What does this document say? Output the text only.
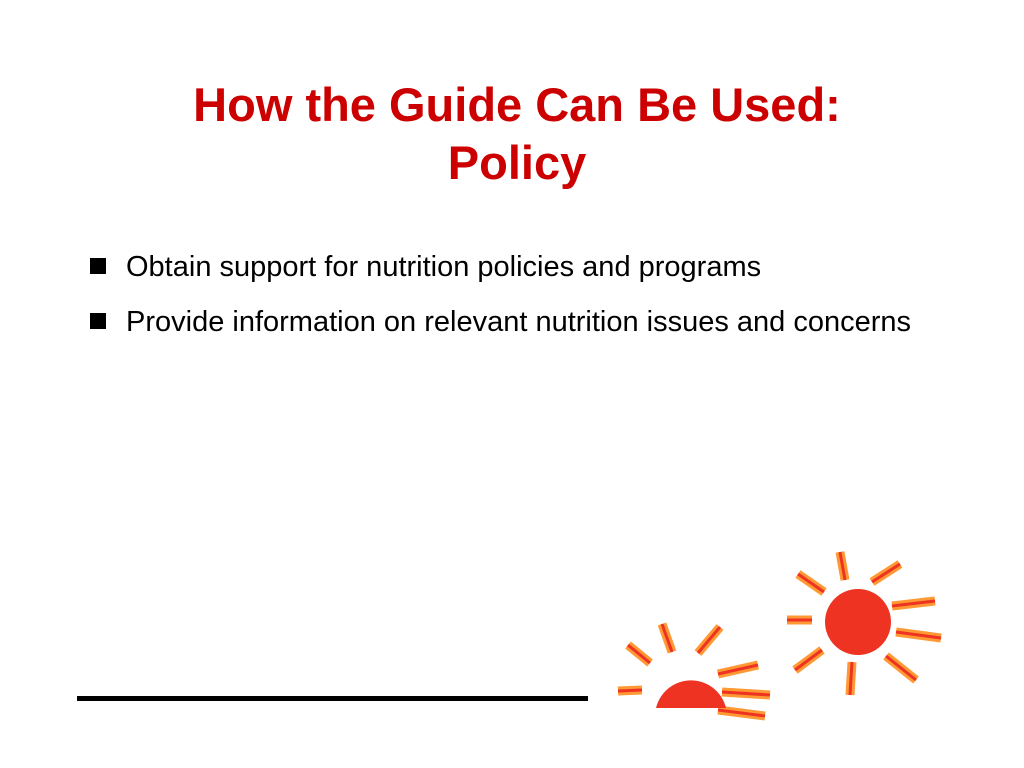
How the Guide Can Be Used:
Policy
Obtain support for nutrition policies and programs
Provide information on relevant nutrition issues and concerns
